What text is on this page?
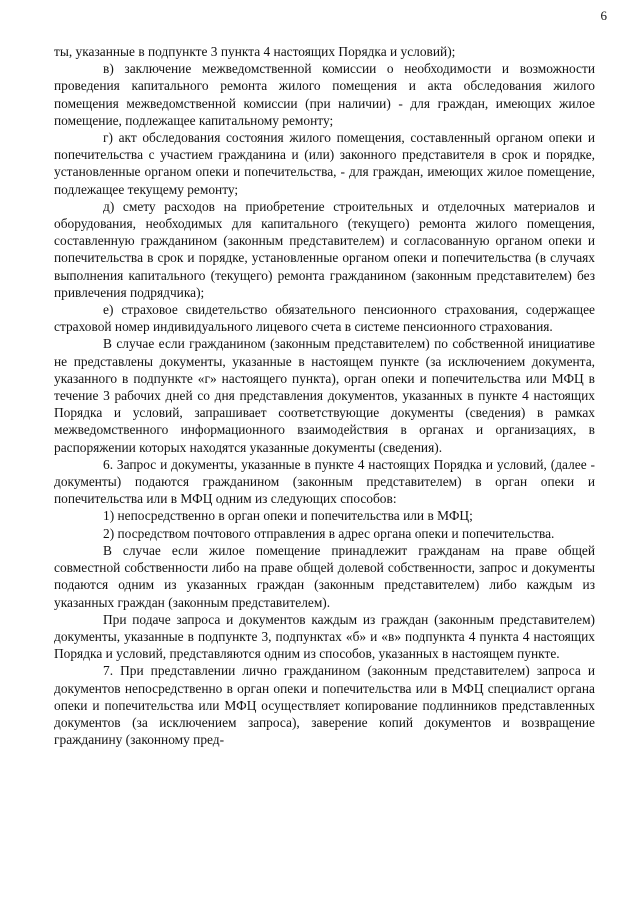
6

ты, указанные в подпункте 3 пункта 4 настоящих Порядка и условий);

в) заключение межведомственной комиссии о необходимости и возможности проведения капитального ремонта жилого помещения и акта обследования жилого помещения межведомственной комиссии (при наличии) - для граждан, имеющих жилое помещение, подлежащее капитальному ремонту;

г) акт обследования состояния жилого помещения, составленный органом опеки и попечительства с участием гражданина и (или) законного представителя в срок и порядке, установленные органом опеки и попечительства, - для граждан, имеющих жилое помещение, подлежащее текущему ремонту;

д) смету расходов на приобретение строительных и отделочных материалов и оборудования, необходимых для капитального (текущего) ремонта жилого помещения, составленную гражданином (законным представителем) и согласованную органом опеки и попечительства в срок и порядке, установленные органом опеки и попечительства (в случаях выполнения капитального (текущего) ремонта гражданином (законным представителем) без привлечения подрядчика);

е) страховое свидетельство обязательного пенсионного страхования, содержащее страховой номер индивидуального лицевого счета в системе пенсионного страхования.

В случае если гражданином (законным представителем) по собственной инициативе не представлены документы, указанные в настоящем пункте (за исключением документа, указанного в подпункте «г» настоящего пункта), орган опеки и попечительства или МФЦ в течение 3 рабочих дней со дня представления документов, указанных в пункте 4 настоящих Порядка и условий, запрашивает соответствующие документы (сведения) в рамках межведомственного информационного взаимодействия в органах и организациях, в распоряжении которых находятся указанные документы (сведения).

6. Запрос и документы, указанные в пункте 4 настоящих Порядка и условий, (далее - документы) подаются гражданином (законным представителем) в орган опеки и попечительства или в МФЦ одним из следующих способов:

1) непосредственно в орган опеки и попечительства или в МФЦ;

2) посредством почтового отправления в адрес органа опеки и попечительства.

В случае если жилое помещение принадлежит гражданам на праве общей совместной собственности либо на праве общей долевой собственности, запрос и документы подаются одним из указанных граждан (законным представителем) либо каждым из указанных граждан (законным представителем).

При подаче запроса и документов каждым из граждан (законным представителем) документы, указанные в подпункте 3, подпунктах «б» и «в» подпункта 4 пункта 4 настоящих Порядка и условий, представляются одним из способов, указанных в настоящем пункте.

7. При представлении лично гражданином (законным представителем) запроса и документов непосредственно в орган опеки и попечительства или в МФЦ специалист органа опеки и попечительства или МФЦ осуществляет копирование подлинников представленных документов (за исключением запроса), заверение копий документов и возвращение гражданину (законному пред-
